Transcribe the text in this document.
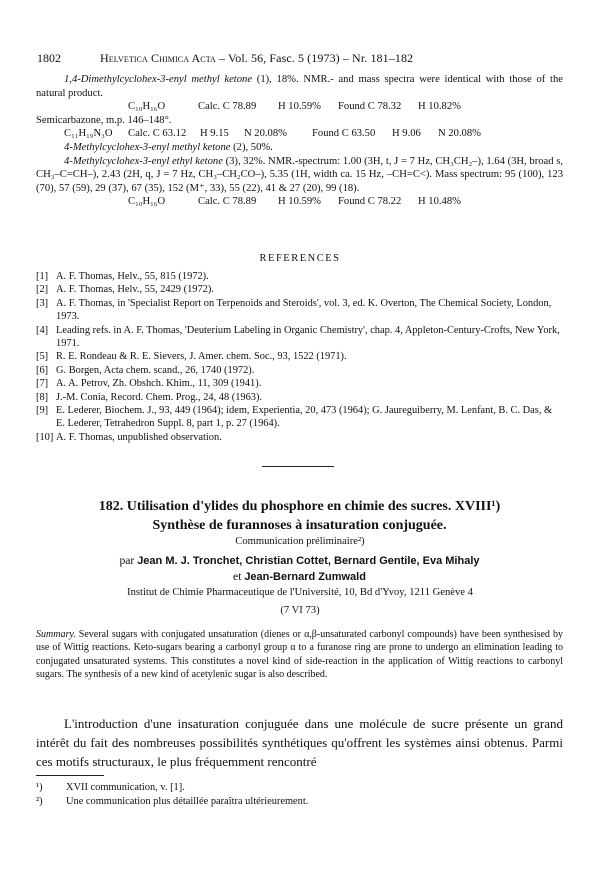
1802	Helvetica Chimica Acta – Vol. 56, Fasc. 5 (1973) – Nr. 181–182

1,4-Dimethylcyclohex-3-enyl methyl ketone (1), 18%. NMR.- and mass spectra were identical with those of the natural product.

C₁₀H₁₆O	Calc. C 78.89 H 10.59% Found C 78.32 H 10.82%

Semicarbazone, m.p. 146–148°.

C₁₁H₁₉N₃O Calc. C 63.12 H 9.15 N 20.08% Found C 63.50 H 9.06 N 20.08%

4-Methylcyclohex-3-enyl methyl ketone (2), 50%.

4-Methylcyclohex-3-enyl ethyl ketone (3), 32%. NMR.-spectrum: 1.00 (3H, t, J = 7 Hz, CH₃CH₂–), 1.64 (3H, broad s, CH₃–C=CH–), 2.43 (2H, q, J = 7 Hz, CH₃–CH₂CO–), 5.35 (1H, width ca. 15 Hz, –CH=C<). Mass spectrum: 95 (100), 123 (70), 57 (59), 29 (37), 67 (35), 152 (M⁺, 33), 55 (22), 41 & 27 (20), 99 (18).

C₁₀H₁₆O	Calc. C 78.89 H 10.59% Found C 78.22 H 10.48%

REFERENCES
[1] A. F. Thomas, Helv., 55, 815 (1972).
[2] A. F. Thomas, Helv., 55, 2429 (1972).
[3] A. F. Thomas, in 'Specialist Report on Terpenoids and Steroids', vol. 3, ed. K. Overton, The Chemical Society, London, 1973.
[4] Leading refs. in A. F. Thomas, 'Deuterium Labeling in Organic Chemistry', chap. 4, Appleton-Century-Crofts, New York, 1971.
[5] R. E. Rondeau & R. E. Sievers, J. Amer. chem. Soc., 93, 1522 (1971).
[6] G. Borgen, Acta chem. scand., 26, 1740 (1972).
[7] A. A. Petrov, Zh. Obshch. Khim., 11, 309 (1941).
[8] J.-M. Conia, Record. Chem. Prog., 24, 48 (1963).
[9] E. Lederer, Biochem. J., 93, 449 (1964); idem, Experientia, 20, 473 (1964); G. Jaureguiberry, M. Lenfant, B. C. Das, & E. Lederer, Tetrahedron Suppl. 8, part 1, p. 27 (1964).
[10] A. F. Thomas, unpublished observation.
182. Utilisation d'ylides du phosphore en chimie des sucres. XVIII¹)
Synthèse de furannoses à insaturation conjuguée.
Communication préliminaire²)
par Jean M. J. Tronchet, Christian Cottet, Bernard Gentile, Eva Mihaly
et Jean-Bernard Zumwald
Institut de Chimie Pharmaceutique de l'Université, 10, Bd d'Yvoy, 1211 Genève 4
(7 VI 73)
Summary. Several sugars with conjugated unsaturation (dienes or α,β-unsaturated carbonyl compounds) have been synthesised by use of Wittig reactions. Keto-sugars bearing a carbonyl group α to a furanose ring are prone to undergo an elimination leading to conjugated unsaturated systems. This constitutes a novel kind of side-reaction in the application of Wittig reactions to carbonyl sugars. The synthesis of a new kind of acetylenic sugar is also described.
L'introduction d'une insaturation conjuguée dans une molécule de sucre présente un grand intérêt du fait des nombreuses possibilités synthétiques qu'offrent les systèmes ainsi obtenus. Parmi ces motifs structuraux, le plus fréquemment rencontré
¹) XVII communication, v. [1].
²) Une communication plus détaillée paraîtra ultérieurement.
